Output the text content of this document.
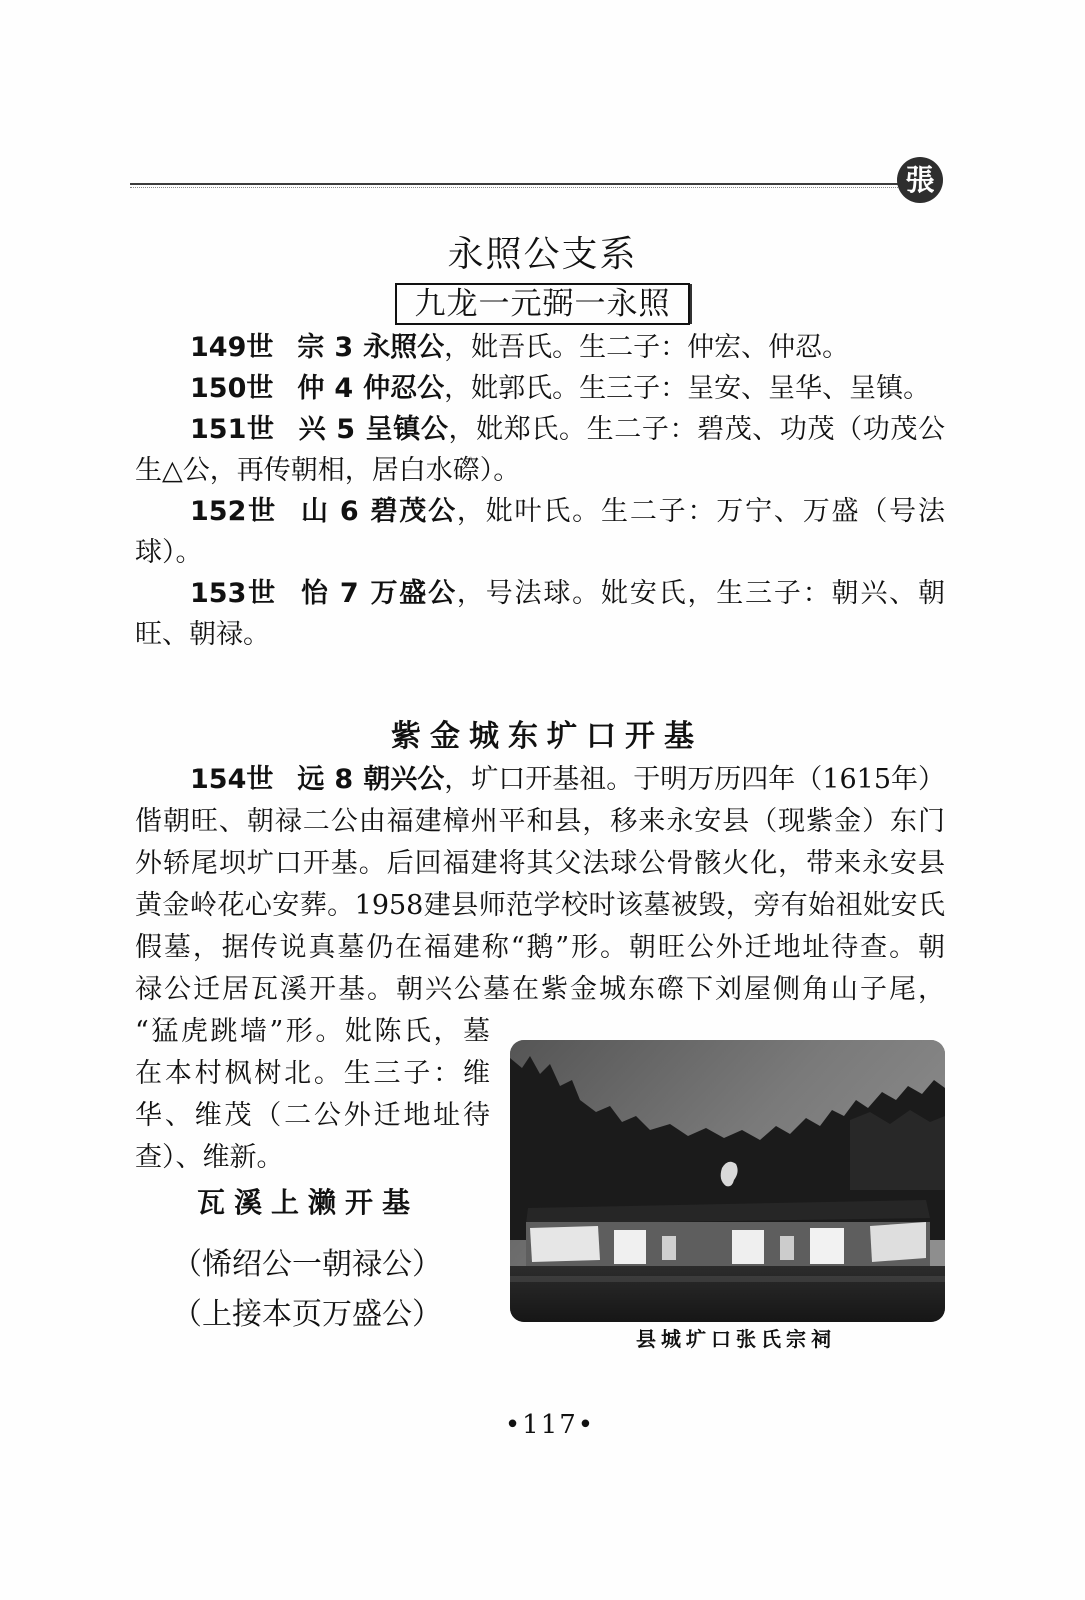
張
永照公支系
九龙一元弼一永照
149世 宗 3 永照公，妣吾氏。生二子：仲宏、仲忍。
150世 仲 4 仲忍公，妣郭氏。生三子：呈安、呈华、呈镇。
151世 兴 5 呈镇公，妣郑氏。生二子：碧茂、功茂（功茂公
生△公，再传朝相，居白水磜）。
152世 山 6 碧茂公，妣叶氏。生二子：万宁、万盛（号法
球）。
153世 怡 7 万盛公，号法球。妣安氏，生三子：朝兴、朝
旺、朝禄。
紫金城东圹口开基
154世 远 8 朝兴公，圹口开基祖。于明万历四年（1615年）
偕朝旺、朝禄二公由福建樟州平和县，移来永安县（现紫金）东门
外轿尾坝圹口开基。后回福建将其父法球公骨骸火化，带来永安县
黄金岭花心安葬。1958建县师范学校时该墓被毁，旁有始祖妣安氏
假墓，据传说真墓仍在福建称“鹅”形。朝旺公外迁地址待查。朝
禄公迁居瓦溪开基。朝兴公墓在紫金城东磜下刘屋侧角山子尾，
“猛虎跳墙”形。妣陈氏，墓
在本村枫树北。生三子：维
华、维茂（二公外迁地址待
查）、维新。
瓦溪上濑开基
（悕绍公一朝禄公）
（上接本页万盛公）
县城圹口张氏宗祠
•117•
